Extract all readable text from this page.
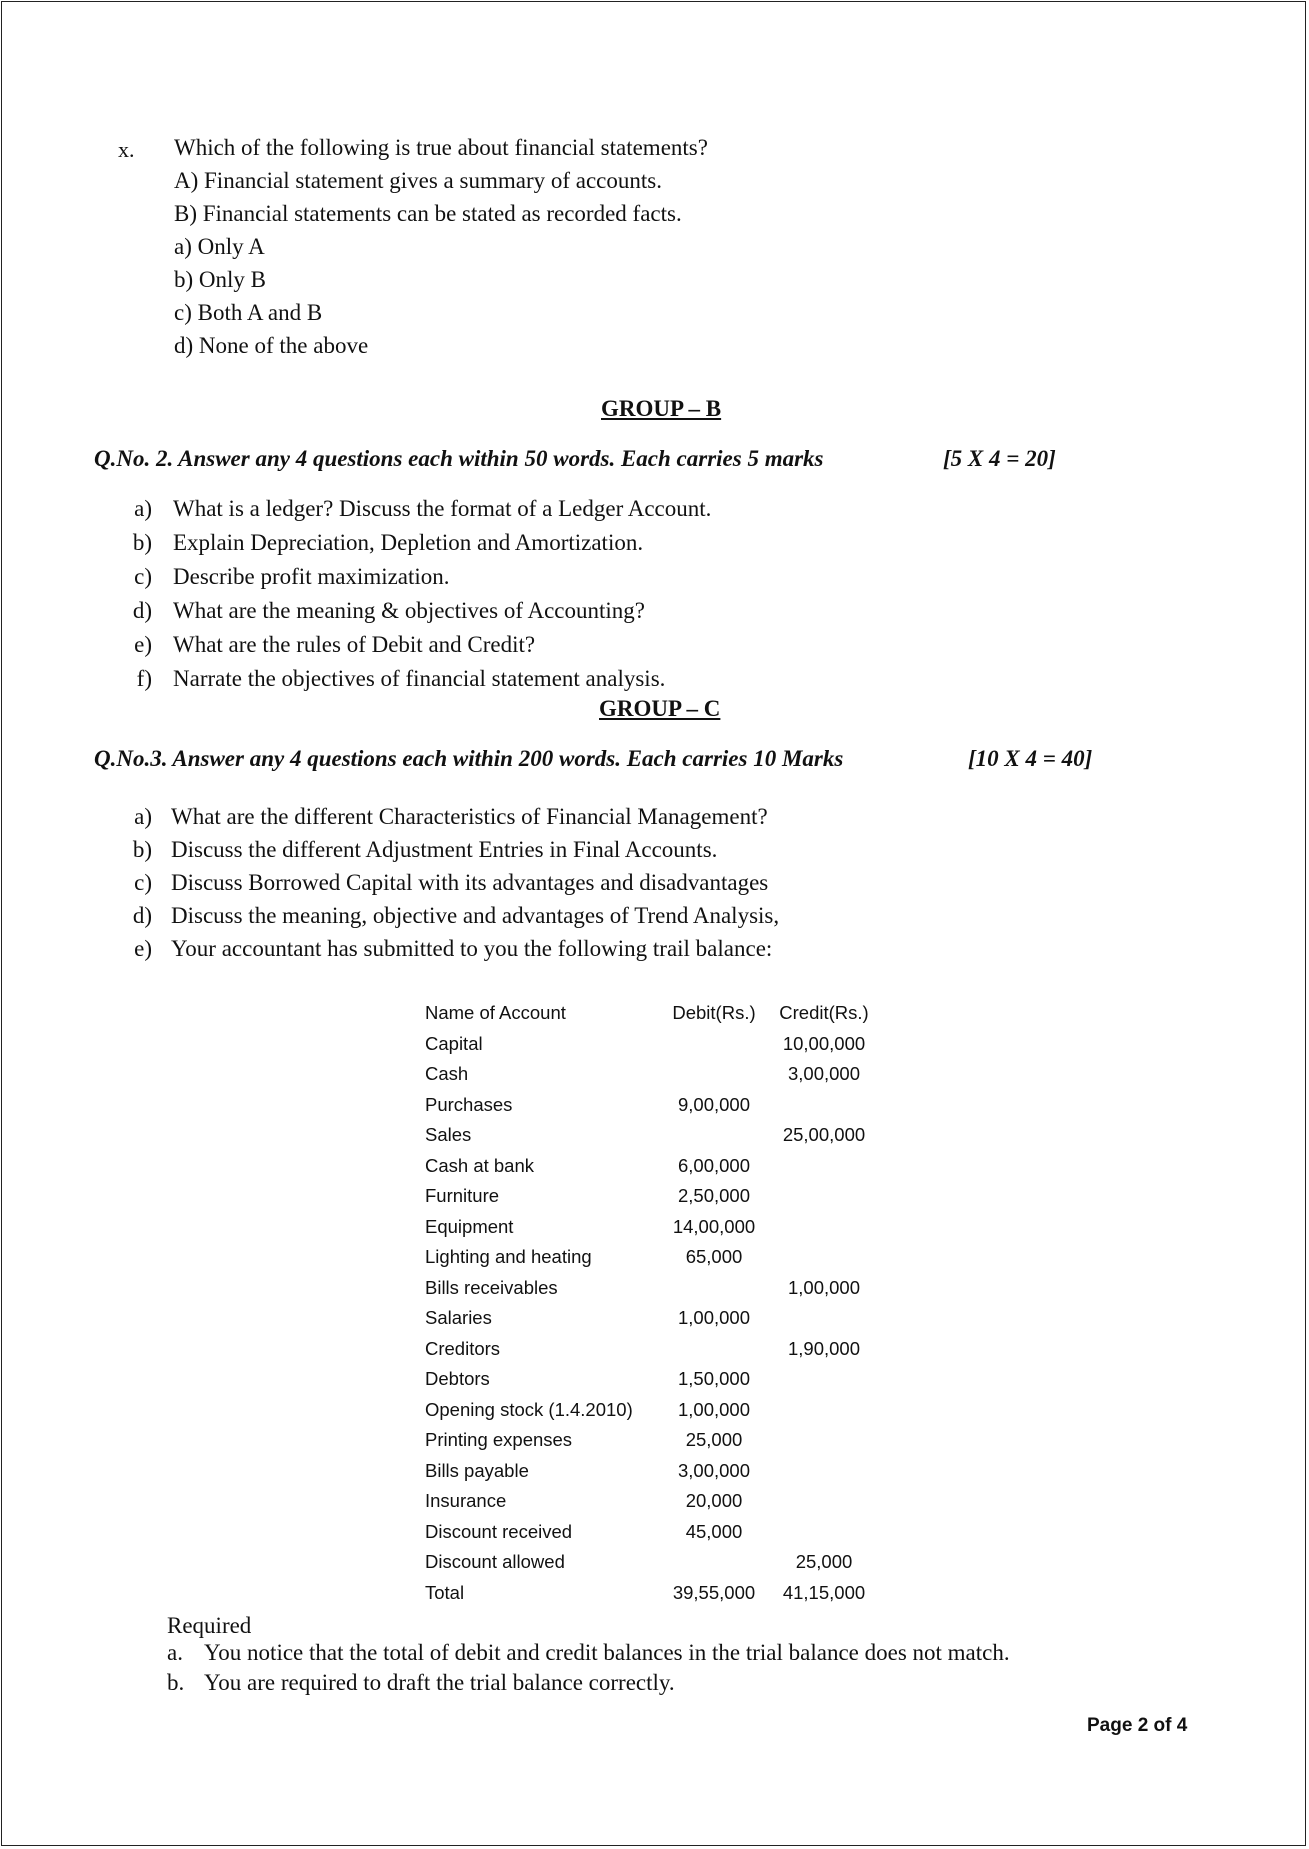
x. Which of the following is true about financial statements?
A) Financial statement gives a summary of accounts.
B) Financial statements can be stated as recorded facts.
a) Only A
b) Only B
c) Both A and B
d) None of the above
GROUP – B
Q.No. 2. Answer any 4 questions each within 50 words. Each carries 5 marks	[5 X 4 = 20]
a) What is a ledger? Discuss the format of a Ledger Account.
b) Explain Depreciation, Depletion and Amortization.
c) Describe profit maximization.
d) What are the meaning & objectives of Accounting?
e) What are the rules of Debit and Credit?
f) Narrate the objectives of financial statement analysis.
GROUP – C
Q.No.3. Answer any 4 questions each within 200 words. Each carries 10 Marks	[10 X 4 = 40]
a) What are the different Characteristics of Financial Management?
b) Discuss the different Adjustment Entries in Final Accounts.
c) Discuss Borrowed Capital with its advantages and disadvantages
d) Discuss the meaning, objective and advantages of Trend Analysis,
e) Your accountant has submitted to you the following trail balance:
Name of Account	Debit(Rs.)	Credit(Rs.)
Capital		10,00,000
Cash		3,00,000
Purchases	9,00,000	
Sales		25,00,000
Cash at bank	6,00,000	
Furniture	2,50,000	
Equipment	14,00,000	
Lighting and heating	65,000	
Bills receivables		1,00,000
Salaries	1,00,000	
Creditors		1,90,000
Debtors	1,50,000	
Opening stock (1.4.2010)	1,00,000	
Printing expenses	25,000	
Bills payable	3,00,000	
Insurance	20,000	
Discount received	45,000	
Discount allowed		25,000
Total	39,55,000	41,15,000
Required
a. You notice that the total of debit and credit balances in the trial balance does not match.
b. You are required to draft the trial balance correctly.
Page 2 of 4
